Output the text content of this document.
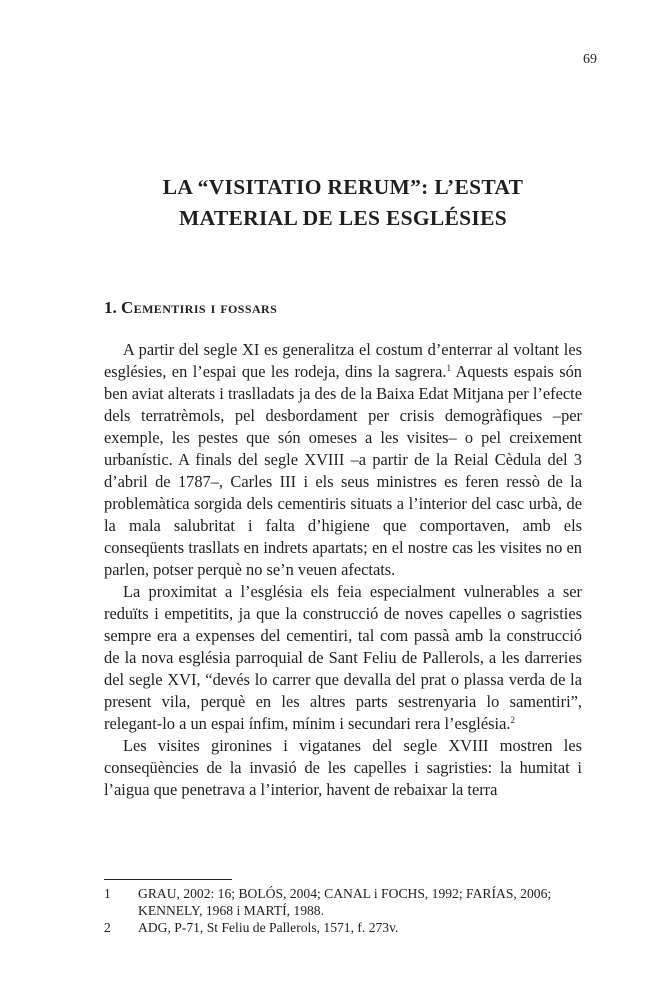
69
LA “VISITATIO RERUM”: L’ESTAT
MATERIAL DE LES ESGLÉSIES
1. Cementiris i fossars

A partir del segle XI es generalitza el costum d’enterrar al voltant les esglésies, en l’espai que les rodeja, dins la sagrera.$^1$ Aquests espais són ben aviat alterats i traslladats ja des de la Baixa Edat Mitjana per l’efecte dels terratrèmols, pel desbordament per crisis demogràfiques –per exemple, les pestes que són omeses a les visites– o pel creixement urbanístic. A finals del segle XVIII –a partir de la Reial Cèdula del 3 d’abril de 1787–, Carles III i els seus ministres es feren ressò de la problemàtica sorgida dels cementiris situats a l’interior del casc urbà, de la mala salubritat i falta d’higiene que comportaven, amb els conseqüents trasllats en indrets apartats; en el nostre cas les visites no en parlen, potser perquè no se’n veuen afectats.

La proximitat a l’església els feia especialment vulnerables a ser reduïts i empetitits, ja que la construcció de noves capelles o sagristies sempre era a expenses del cementiri, tal com passà amb la construcció de la nova església parroquial de Sant Feliu de Pallerols, a les darreries del segle XVI, “devés lo carrer que devalla del prat o plassa verda de la present vila, perquè en les altres parts sestrenyaria lo samentiri”, relegant-lo a un espai ínfim, mínim i secundari rera l’església.$^2$

Les visites gironines i vigatanes del segle XVIII mostren les conseqüències de la invasió de les capelles i sagristies: la humitat i l’aigua que penetrava a l’interior, havent de rebaixar la terra

1	GRAU, 2002: 16; BOLÓS, 2004; CANAL i FOCHS, 1992; FARÍAS, 2006; KENNELY, 1968 i MARTÍ, 1988.
2	ADG, P-71, St Feliu de Pallerols, 1571, f. 273v.
